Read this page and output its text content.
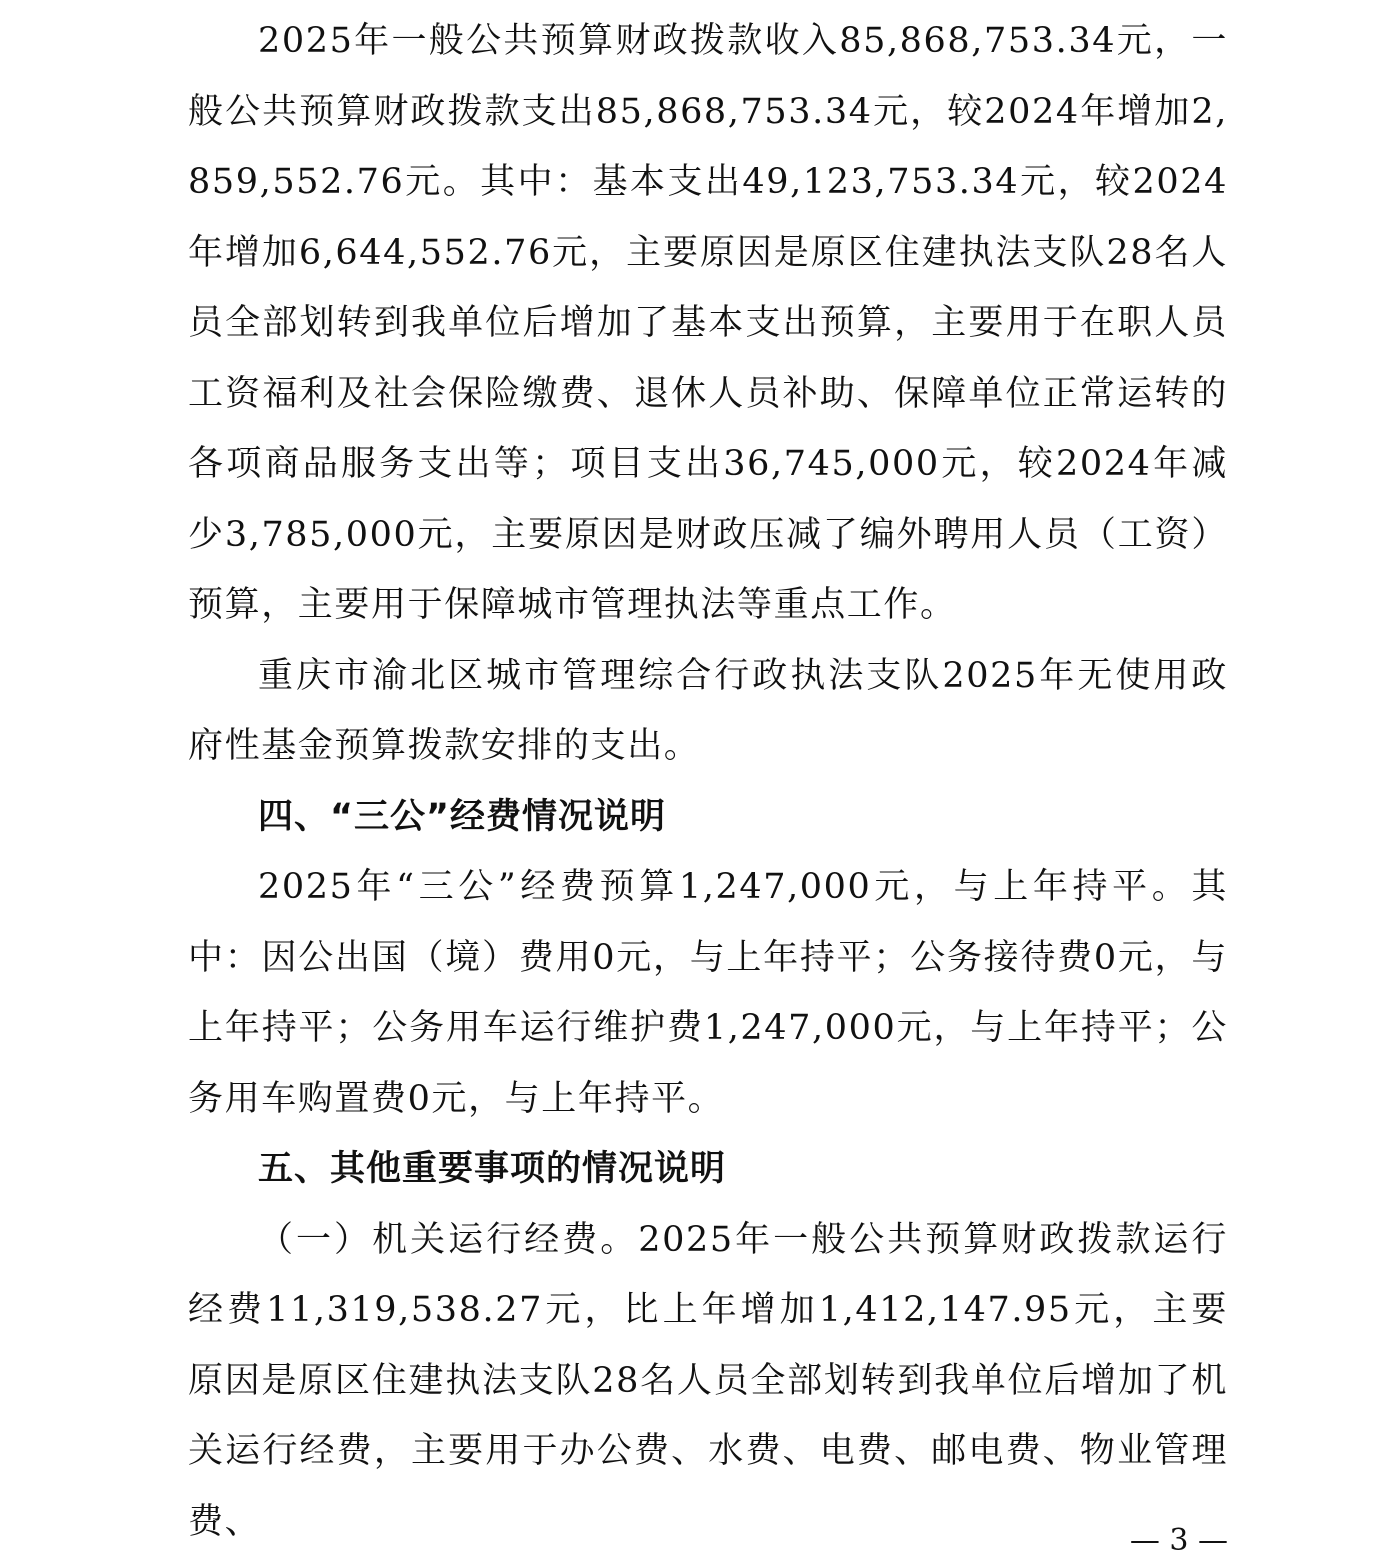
2025年一般公共预算财政拨款收入85,868,753.34元，一般公共预算财政拨款支出85,868,753.34元，较2024年增加2,859,552.76元。其中：基本支出49,123,753.34元，较2024年增加6,644,552.76元，主要原因是原区住建执法支队28名人员全部划转到我单位后增加了基本支出预算，主要用于在职人员工资福利及社会保险缴费、退休人员补助、保障单位正常运转的各项商品服务支出等；项目支出36,745,000元，较2024年减少3,785,000元，主要原因是财政压减了编外聘用人员（工资）预算，主要用于保障城市管理执法等重点工作。

重庆市渝北区城市管理综合行政执法支队2025年无使用政府性基金预算拨款安排的支出。

四、“三公”经费情况说明

2025年“三公”经费预算1,247,000元，与上年持平。其中：因公出国（境）费用0元，与上年持平；公务接待费0元，与上年持平；公务用车运行维护费1,247,000元，与上年持平；公务用车购置费0元，与上年持平。

五、其他重要事项的情况说明

（一）机关运行经费。2025年一般公共预算财政拨款运行经费11,319,538.27元，比上年增加1,412,147.95元，主要原因是原区住建执法支队28名人员全部划转到我单位后增加了机关运行经费，主要用于办公费、水费、电费、邮电费、物业管理费、	— 3 —
